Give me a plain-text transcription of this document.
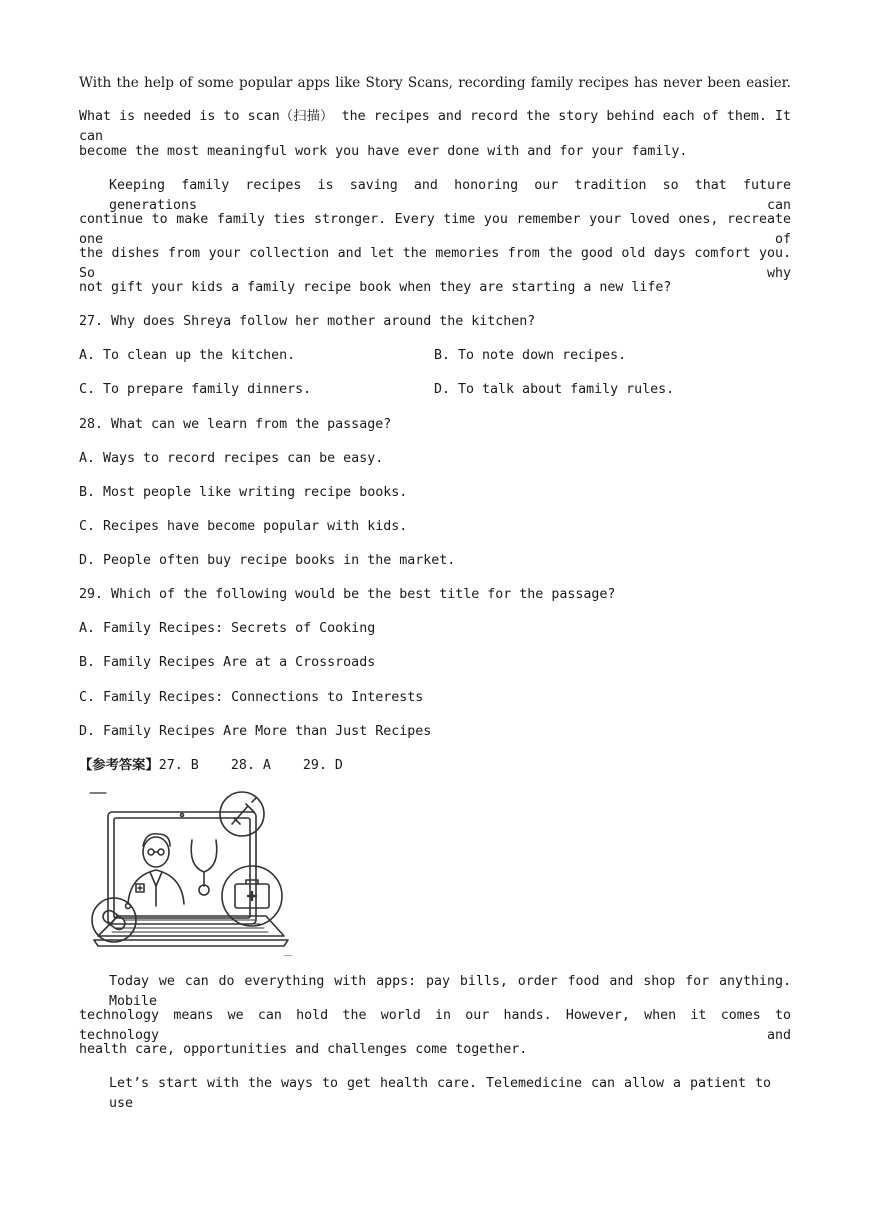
With the help of some popular apps like Story Scans, recording family recipes has never been easier.
What is needed is to scan（扫描） the recipes and record the story behind each of them. It can
become the most meaningful work you have ever done with and for your family.
Keeping family recipes is saving and honoring our tradition so that future generations can
continue to make family ties stronger. Every time you remember your loved ones, recreate one of
the dishes from your collection and let the memories from the good old days comfort you. So why
not gift your kids a family recipe book when they are starting a new life?
27. Why does Shreya follow her mother around the kitchen?
A. To clean up the kitchen.	B. To note down recipes.
C. To prepare family dinners.	D. To talk about family rules.
28. What can we learn from the passage?
A. Ways to record recipes can be easy.
B. Most people like writing recipe books.
C. Recipes have become popular with kids.
D. People often buy recipe books in the market.
29. Which of the following would be the best title for the passage?
A. Family Recipes: Secrets of Cooking
B. Family Recipes Are at a Crossroads
C. Family Recipes: Connections to Interests
D. Family Recipes Are More than Just Recipes
【参考答案】27. B    28. A    29. D
—
Today we can do everything with apps: pay bills, order food and shop for anything. Mobile
technology means we can hold the world in our hands. However, when it comes to technology and
health care, opportunities and challenges come together.
Let’s start with the ways to get health care. Telemedicine can allow a patient to use
